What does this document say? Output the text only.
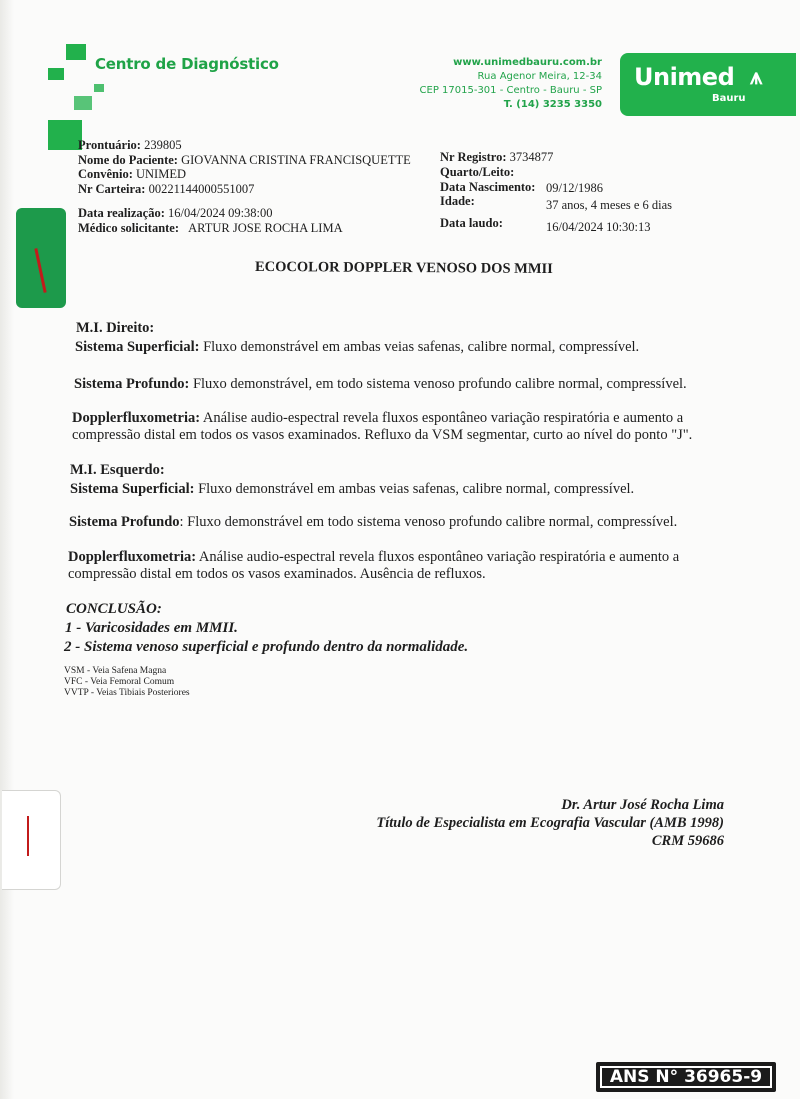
Centro de Diagnóstico	www.unimedbauru.com.br
Rua Agenor Meira, 12-34
CEP 17015-301 - Centro - Bauru - SP
T. (14) 3235 3350
Unimed ⩚
Bauru
Prontuário: 239805
Nome do Paciente: GIOVANNA CRISTINA FRANCISQUETTE
Convênio: UNIMED
Nr Carteira: 00221144000551007
Data realização: 16/04/2024 09:38:00
Médico solicitante: ARTUR JOSE ROCHA LIMA
Nr Registro: 3734877
Quarto/Leito:
Data Nascimento: 09/12/1986
Idade:	37 anos, 4 meses e 6 dias
Data laudo:	16/04/2024 10:30:13
ECOCOLOR DOPPLER VENOSO DOS MMII
M.I. Direito:
Sistema Superficial: Fluxo demonstrável em ambas veias safenas, calibre normal, compressível.
Sistema Profundo: Fluxo demonstrável, em todo sistema venoso profundo calibre normal, compressível.
Dopplerfluxometria: Análise audio-espectral revela fluxos espontâneo variação respiratória e aumento a
compressão distal em todos os vasos examinados. Refluxo da VSM segmentar, curto ao nível do ponto "J".
M.I. Esquerdo:
Sistema Superficial: Fluxo demonstrável em ambas veias safenas, calibre normal, compressível.
Sistema Profundo: Fluxo demonstrável em todo sistema venoso profundo calibre normal, compressível.
Dopplerfluxometria: Análise audio-espectral revela fluxos espontâneo variação respiratória e aumento a
compressão distal em todos os vasos examinados. Ausência de refluxos.
CONCLUSÃO:
1 - Varicosidades em MMII.
2 - Sistema venoso superficial e profundo dentro da normalidade.
VSM - Veia Safena Magna
VFC - Veia Femoral Comum
VVTP - Veias Tibiais Posteriores
Dr. Artur José Rocha Lima
Título de Especialista em Ecografia Vascular (AMB 1998)
CRM 59686
ANS N° 36965-9
